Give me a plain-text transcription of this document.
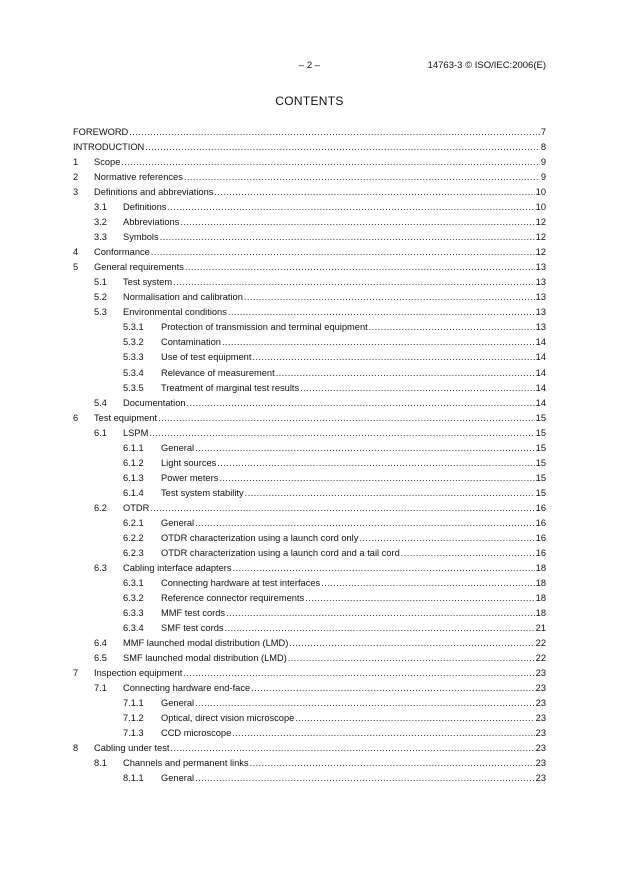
– 2 –	14763-3 © ISO/IEC:2006(E)
CONTENTS
FOREWORD .....	7
INTRODUCTION .....	8
1	Scope .....	9
2	Normative references .....	9
3	Definitions and abbreviations .....	10
3.1	Definitions .....	10
3.2	Abbreviations .....	12
3.3	Symbols .....	12
4	Conformance .....	12
5	General requirements .....	13
5.1	Test system .....	13
5.2	Normalisation and calibration .....	13
5.3	Environmental conditions .....	13
5.3.1	Protection of transmission and terminal equipment .....	13
5.3.2	Contamination .....	14
5.3.3	Use of test equipment .....	14
5.3.4	Relevance of measurement .....	14
5.3.5	Treatment of marginal test results .....	14
5.4	Documentation .....	14
6	Test equipment .....	15
6.1	LSPM .....	15
6.1.1	General .....	15
6.1.2	Light sources .....	15
6.1.3	Power meters .....	15
6.1.4	Test system stability .....	15
6.2	OTDR .....	16
6.2.1	General .....	16
6.2.2	OTDR characterization using a launch cord only .....	16
6.2.3	OTDR characterization using a launch cord and a tail cord .....	16
6.3	Cabling interface adapters .....	18
6.3.1	Connecting hardware at test interfaces .....	18
6.3.2	Reference connector requirements .....	18
6.3.3	MMF test cords .....	18
6.3.4	SMF test cords .....	21
6.4	MMF launched modal distribution (LMD) .....	22
6.5	SMF launched modal distribution (LMD) .....	22
7	Inspection equipment .....	23
7.1	Connecting hardware end-face .....	23
7.1.1	General .....	23
7.1.2	Optical, direct vision microscope .....	23
7.1.3	CCD microscope .....	23
8	Cabling under test .....	23
8.1	Channels and permanent links .....	23
8.1.1	General .....	23
